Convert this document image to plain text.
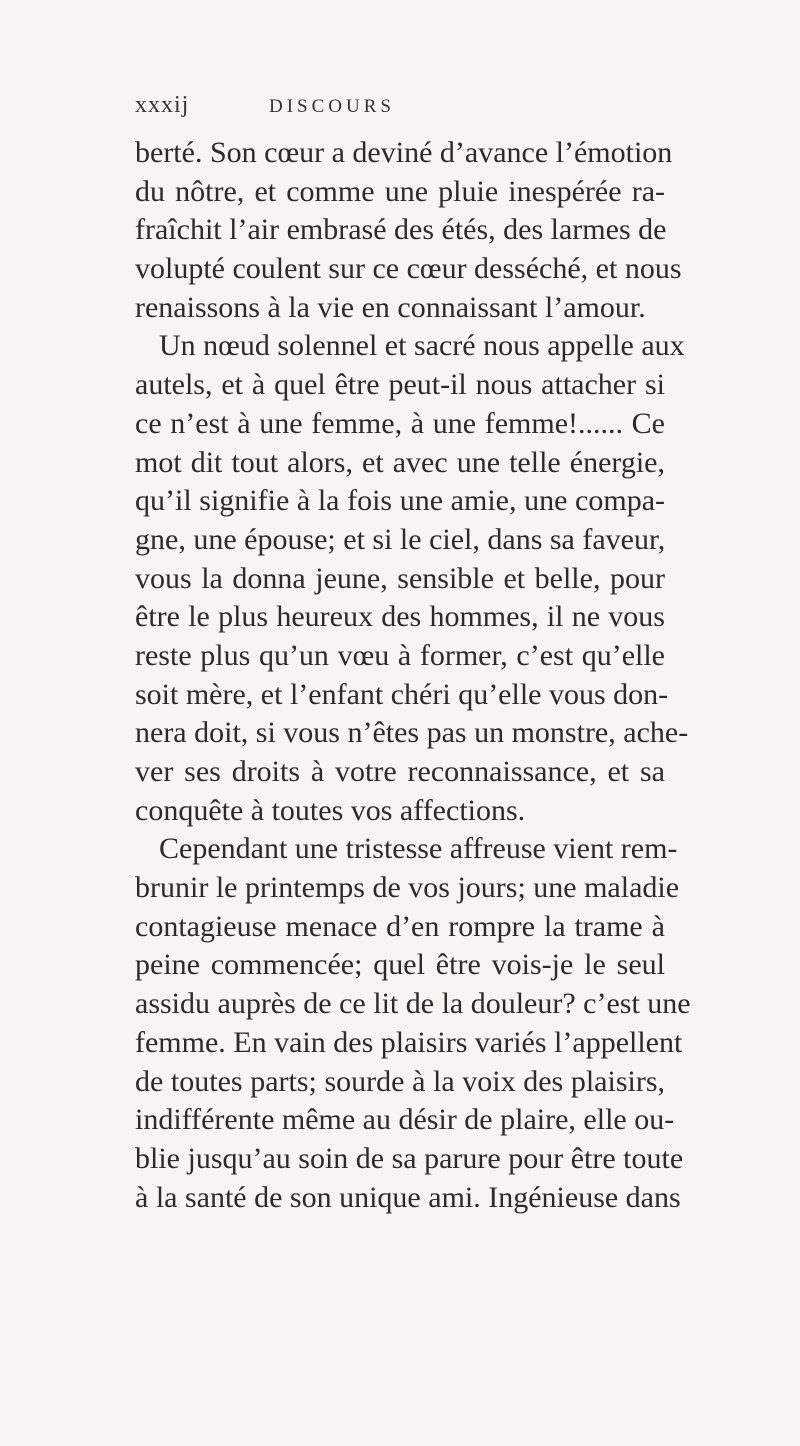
xxxij	DISCOURS
berté. Son cœur a deviné d’avance l’émotion
du nôtre, et comme une pluie inespérée ra-
fraîchit l’air embrasé des étés, des larmes de
volupté coulent sur ce cœur desséché, et nous
renaissons à la vie en connaissant l’amour.
Un nœud solennel et sacré nous appelle aux
autels, et à quel être peut-il nous attacher si
ce n’est à une femme, à une femme!...... Ce
mot dit tout alors, et avec une telle énergie,
qu’il signifie à la fois une amie, une compa-
gne, une épouse; et si le ciel, dans sa faveur,
vous la donna jeune, sensible et belle, pour
être le plus heureux des hommes, il ne vous
reste plus qu’un vœu à former, c’est qu’elle
soit mère, et l’enfant chéri qu’elle vous don-
nera doit, si vous n’êtes pas un monstre, ache-
ver ses droits à votre reconnaissance, et sa
conquête à toutes vos affections.
Cependant une tristesse affreuse vient rem-
brunir le printemps de vos jours; une maladie
contagieuse menace d’en rompre la trame à
peine commencée; quel être vois-je le seul
assidu auprès de ce lit de la douleur? c’est une
femme. En vain des plaisirs variés l’appellent
de toutes parts; sourde à la voix des plaisirs,
indifférente même au désir de plaire, elle ou-
blie jusqu’au soin de sa parure pour être toute
à la santé de son unique ami. Ingénieuse dans
